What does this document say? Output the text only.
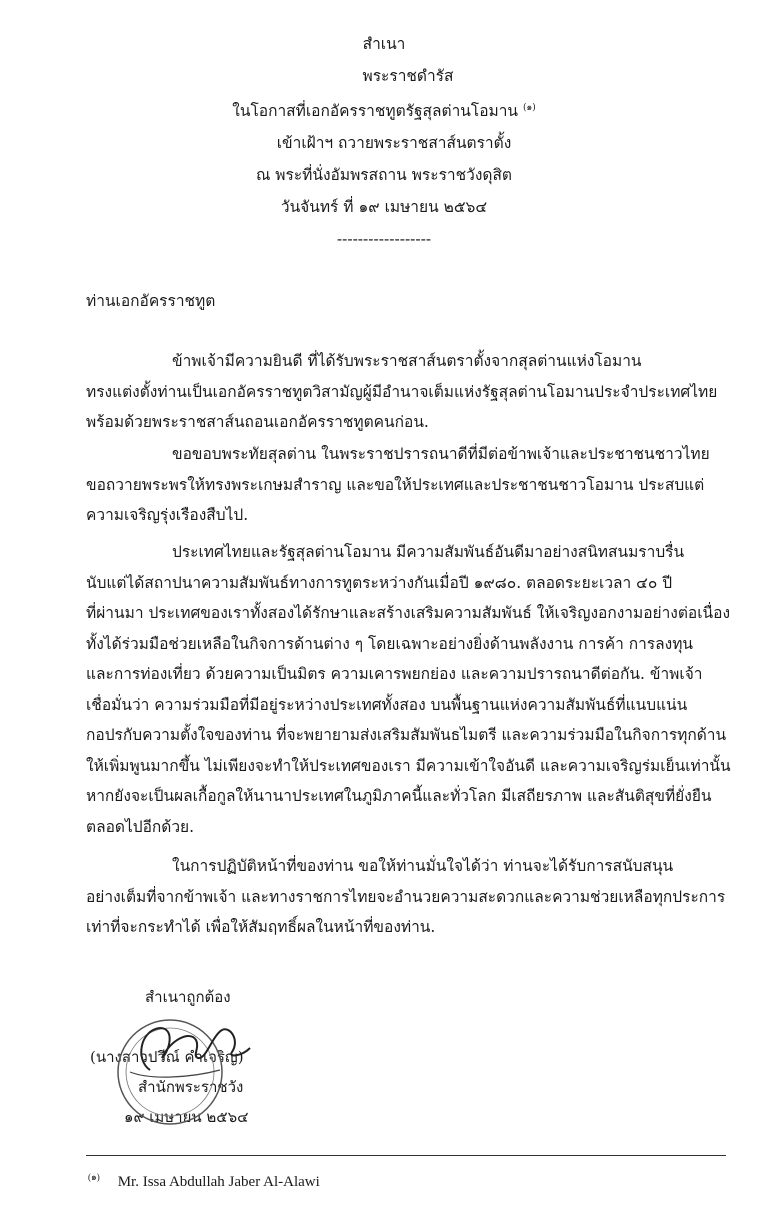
สำเนา
พระราชดำรัส
ในโอกาสที่เอกอัครราชทูตรัฐสุลต่านโอมาน $^{(๑)}$
เข้าเฝ้าฯ ถวายพระราชสาส์นตราตั้ง
ณ พระที่นั่งอัมพรสถาน พระราชวังดุสิต
วันจันทร์ ที่ ๑๙ เมษายน ๒๕๖๔
------------------
ท่านเอกอัครราชทูต
ข้าพเจ้ามีความยินดี ที่ได้รับพระราชสาส์นตราตั้งจากสุลต่านแห่งโอมาน
ทรงแต่งตั้งท่านเป็นเอกอัครราชทูตวิสามัญผู้มีอำนาจเต็มแห่งรัฐสุลต่านโอมานประจำประเทศไทย
พร้อมด้วยพระราชสาส์นถอนเอกอัครราชทูตคนก่อน.
ขอขอบพระทัยสุลต่าน ในพระราชปรารถนาดีที่มีต่อข้าพเจ้าและประชาชนชาวไทย
ขอถวายพระพรให้ทรงพระเกษมสำราญ และขอให้ประเทศและประชาชนชาวโอมาน ประสบแต่
ความเจริญรุ่งเรืองสืบไป.
ประเทศไทยและรัฐสุลต่านโอมาน มีความสัมพันธ์อันดีมาอย่างสนิทสนมราบรื่น
นับแต่ได้สถาปนาความสัมพันธ์ทางการทูตระหว่างกันเมื่อปี ๑๙๘๐. ตลอดระยะเวลา ๔๐ ปี
ที่ผ่านมา ประเทศของเราทั้งสองได้รักษาและสร้างเสริมความสัมพันธ์ ให้เจริญงอกงามอย่างต่อเนื่อง
ทั้งได้ร่วมมือช่วยเหลือในกิจการด้านต่าง ๆ โดยเฉพาะอย่างยิ่งด้านพลังงาน การค้า การลงทุน
และการท่องเที่ยว ด้วยความเป็นมิตร ความเคารพยกย่อง และความปรารถนาดีต่อกัน. ข้าพเจ้า
เชื่อมั่นว่า ความร่วมมือที่มีอยู่ระหว่างประเทศทั้งสอง บนพื้นฐานแห่งความสัมพันธ์ที่แนบแน่น
กอปรกับความตั้งใจของท่าน ที่จะพยายามส่งเสริมสัมพันธไมตรี และความร่วมมือในกิจการทุกด้าน
ให้เพิ่มพูนมากขึ้น ไม่เพียงจะทำให้ประเทศของเรา มีความเข้าใจอันดี และความเจริญร่มเย็นเท่านั้น
หากยังจะเป็นผลเกื้อกูลให้นานาประเทศในภูมิภาคนี้และทั่วโลก มีเสถียรภาพ และสันติสุขที่ยั่งยืน
ตลอดไปอีกด้วย.
ในการปฏิบัติหน้าที่ของท่าน ขอให้ท่านมั่นใจได้ว่า ท่านจะได้รับการสนับสนุน
อย่างเต็มที่จากข้าพเจ้า และทางราชการไทยจะอำนวยความสะดวกและความช่วยเหลือทุกประการ
เท่าที่จะกระทำได้ เพื่อให้สัมฤทธิ์ผลในหน้าที่ของท่าน.
สำเนาถูกต้อง
(นางสาวปวีณ์ คำเจริญ)
สำนักพระราชวัง
๑๙ เมษายน ๒๕๖๔
$^{(๑)}$ Mr. Issa Abdullah Jaber Al-Alawi
